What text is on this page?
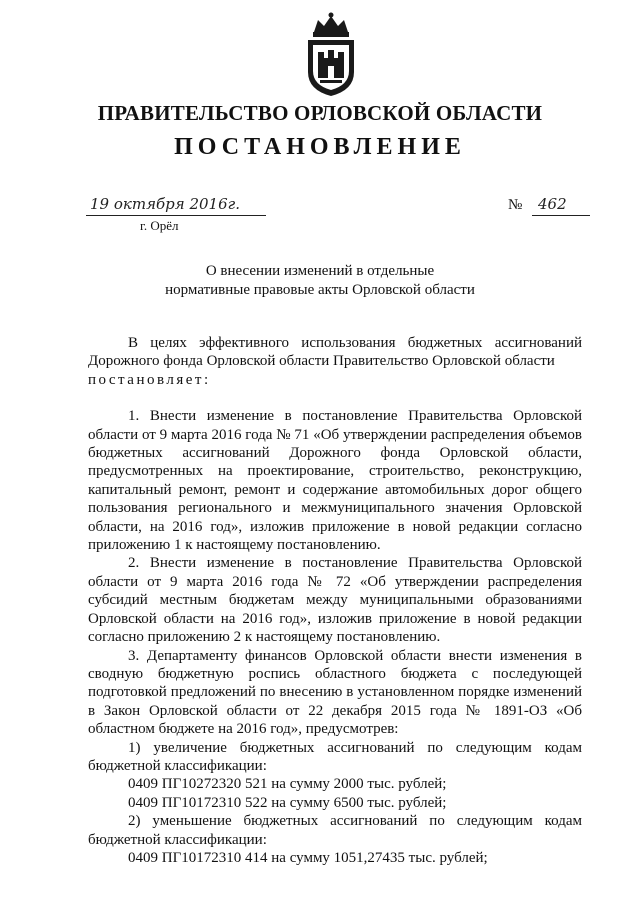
ПРАВИТЕЛЬСТВО ОРЛОВСКОЙ ОБЛАСТИ
ПОСТАНОВЛЕНИЕ
19 октября 2016г.
г. Орёл
№ 462
О внесении изменений в отдельные
нормативные правовые акты Орловской области

В целях эффективного использования бюджетных ассигнований Дорожного фонда Орловской области Правительство Орловской области

постановляет:

1. Внести изменение в постановление Правительства Орловской области от 9 марта 2016 года № 71 «Об утверждении распределения объемов бюджетных ассигнований Дорожного фонда Орловской области, предусмотренных на проектирование, строительство, реконструкцию, капитальный ремонт, ремонт и содержание автомобильных дорог общего пользования регионального и межмуниципального значения Орловской области, на 2016 год», изложив приложение в новой редакции согласно приложению 1 к настоящему постановлению.

2. Внести изменение в постановление Правительства Орловской области от 9 марта 2016 года № 72 «Об утверждении распределения субсидий местным бюджетам между муниципальными образованиями Орловской области на 2016 год», изложив приложение в новой редакции согласно приложению 2 к настоящему постановлению.

3. Департаменту финансов Орловской области внести изменения в сводную бюджетную роспись областного бюджета с последующей подготовкой предложений по внесению в установленном порядке изменений в Закон Орловской области от 22 декабря 2015 года № 1891-ОЗ «Об областном бюджете на 2016 год», предусмотрев:

1) увеличение бюджетных ассигнований по следующим кодам бюджетной классификации:

0409 ПГ10272320 521 на сумму 2000 тыс. рублей;

0409 ПГ10172310 522 на сумму 6500 тыс. рублей;

2) уменьшение бюджетных ассигнований по следующим кодам бюджетной классификации:

0409 ПГ10172310 414 на сумму 1051,27435 тыс. рублей;
